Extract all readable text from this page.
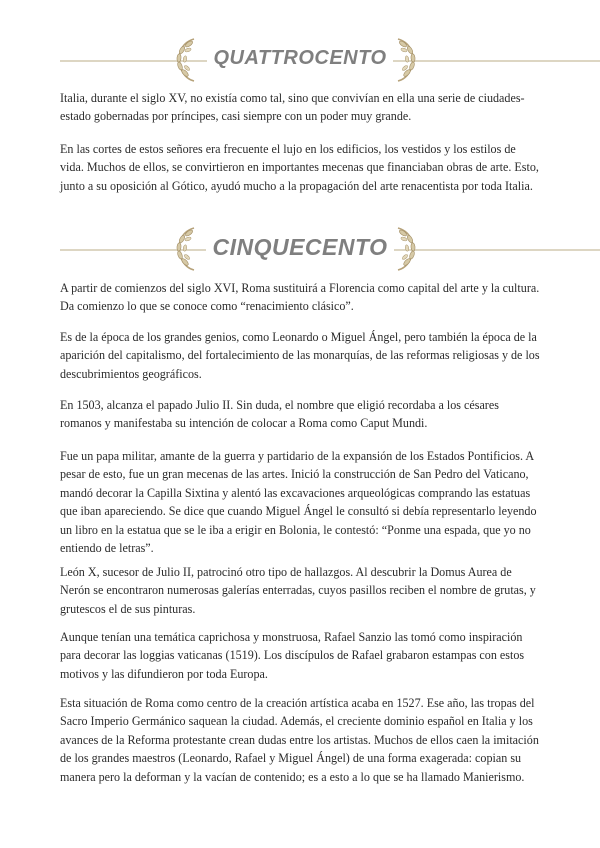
QUATTROCENTO

Italia, durante el siglo XV, no existía como tal, sino que convivían en ella una serie de ciudades-estado gobernadas por príncipes, casi siempre con un poder muy grande.

En las cortes de estos señores era frecuente el lujo en los edificios, los vestidos y los estilos de vida. Muchos de ellos, se convirtieron en importantes mecenas que financiaban obras de arte. Esto, junto a su oposición al Gótico, ayudó mucho a la propagación del arte renacentista por toda Italia.

CINQUECENTO

A partir de comienzos del siglo XVI, Roma sustituirá a Florencia como capital del arte y la cultura. Da comienzo lo que se conoce como “renacimiento clásico”.

Es de la época de los grandes genios, como Leonardo o Miguel Ángel, pero también la época de la aparición del capitalismo, del fortalecimiento de las monarquías, de las reformas religiosas y de los descubrimientos geográficos.

En 1503, alcanza el papado Julio II. Sin duda, el nombre que eligió recordaba a los césares romanos y manifestaba su intención de colocar a Roma como Caput Mundi.

Fue un papa militar, amante de la guerra y partidario de la expansión de los Estados Pontificios. A pesar de esto, fue un gran mecenas de las artes. Inició la construcción de San Pedro del Vaticano, mandó decorar la Capilla Sixtina y alentó las excavaciones arqueológicas comprando las estatuas que iban apareciendo. Se dice que cuando Miguel Ángel le consultó si debía representarlo leyendo un libro en la estatua que se le iba a erigir en Bolonia, le contestó: “Ponme una espada, que yo no entiendo de letras”.

León X, sucesor de Julio II, patrocinó otro tipo de hallazgos. Al descubrir la Domus Aurea de Nerón se encontraron numerosas galerías enterradas, cuyos pasillos reciben el nombre de grutas, y grutescos el de sus pinturas.

Aunque tenían una temática caprichosa y monstruosa, Rafael Sanzio las tomó como inspiración para decorar las loggias vaticanas (1519). Los discípulos de Rafael grabaron estampas con estos motivos y las difundieron por toda Europa.

Esta situación de Roma como centro de la creación artística acaba en 1527. Ese año, las tropas del Sacro Imperio Germánico saquean la ciudad. Además, el creciente dominio español en Italia y los avances de la Reforma protestante crean dudas entre los artistas. Muchos de ellos caen la imitación de los grandes maestros (Leonardo, Rafael y Miguel Ángel) de una forma exagerada: copian su manera pero la deforman y la vacían de contenido; es a esto a lo que se ha llamado Manierismo.
